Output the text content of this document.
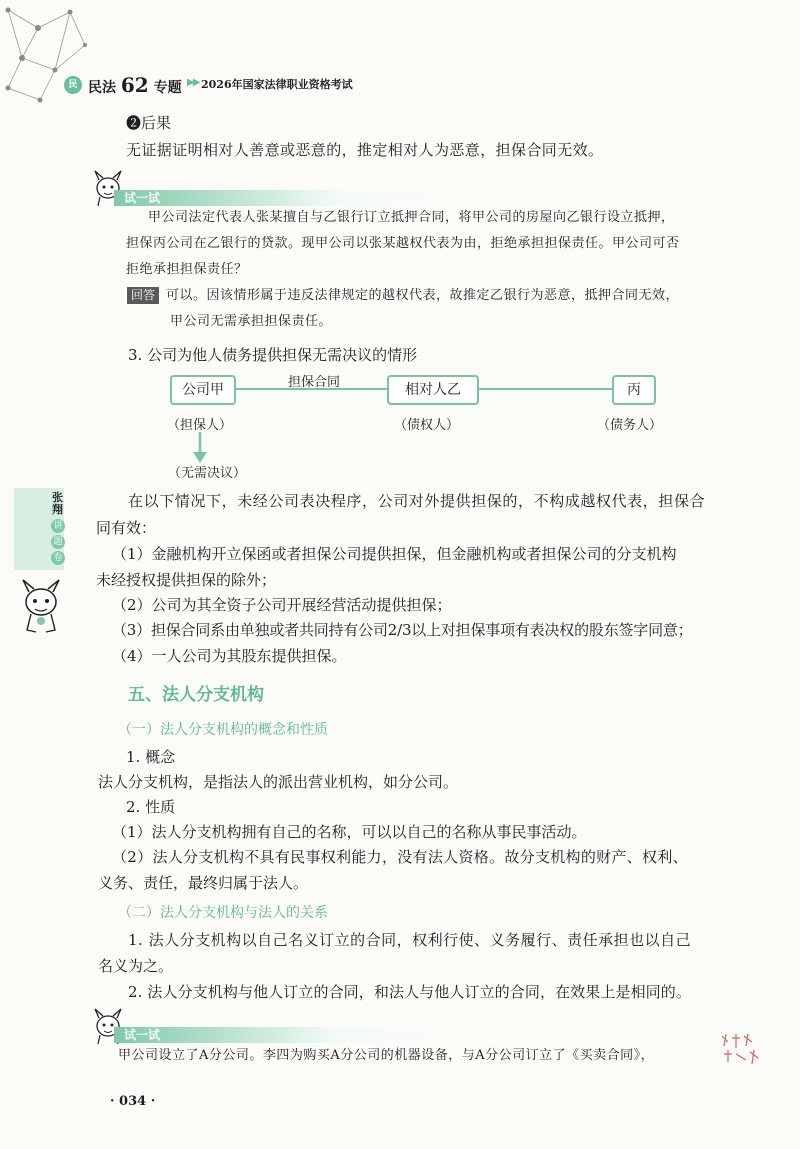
民 民法 62 专题 ▶▶ 2026年国家法律职业资格考试
❷后果
无证据证明相对人善意或恶意的，推定相对人为恶意，担保合同无效。
试一试
甲公司法定代表人张某擅自与乙银行订立抵押合同，将甲公司的房屋向乙银行设立抵押，
担保丙公司在乙银行的贷款。现甲公司以张某越权代表为由，拒绝承担担保责任。甲公司可否
拒绝承担担保责任？
回答 可以。因该情形属于违反法律规定的越权代表，故推定乙银行为恶意，抵押合同无效，
甲公司无需承担担保责任。
3. 公司为他人债务提供担保无需决议的情形
担保合同
公司甲	相对人乙	丙
（担保人）	（债权人）	（债务人）
（无需决议）
张翔
讲
题
卷
在以下情况下，未经公司表决程序，公司对外提供担保的，不构成越权代表，担保合
同有效：
（1）金融机构开立保函或者担保公司提供担保，但金融机构或者担保公司的分支机构
未经授权提供担保的除外；
（2）公司为其全资子公司开展经营活动提供担保；
（3）担保合同系由单独或者共同持有公司2/3以上对担保事项有表决权的股东签字同意；
（4）一人公司为其股东提供担保。
五、法人分支机构
（一）法人分支机构的概念和性质
1. 概念
法人分支机构，是指法人的派出营业机构，如分公司。
2. 性质
（1）法人分支机构拥有自己的名称，可以以自己的名称从事民事活动。
（2）法人分支机构不具有民事权利能力，没有法人资格。故分支机构的财产、权利、
义务、责任，最终归属于法人。
（二）法人分支机构与法人的关系
1. 法人分支机构以自己名义订立的合同，权利行使、义务履行、责任承担也以自己
名义为之。
2. 法人分支机构与他人订立的合同，和法人与他人订立的合同，在效果上是相同的。
试一试
甲公司设立了A分公司。李四为购买A分公司的机器设备，与A分公司订立了《买卖合同》，
· 034 ·
